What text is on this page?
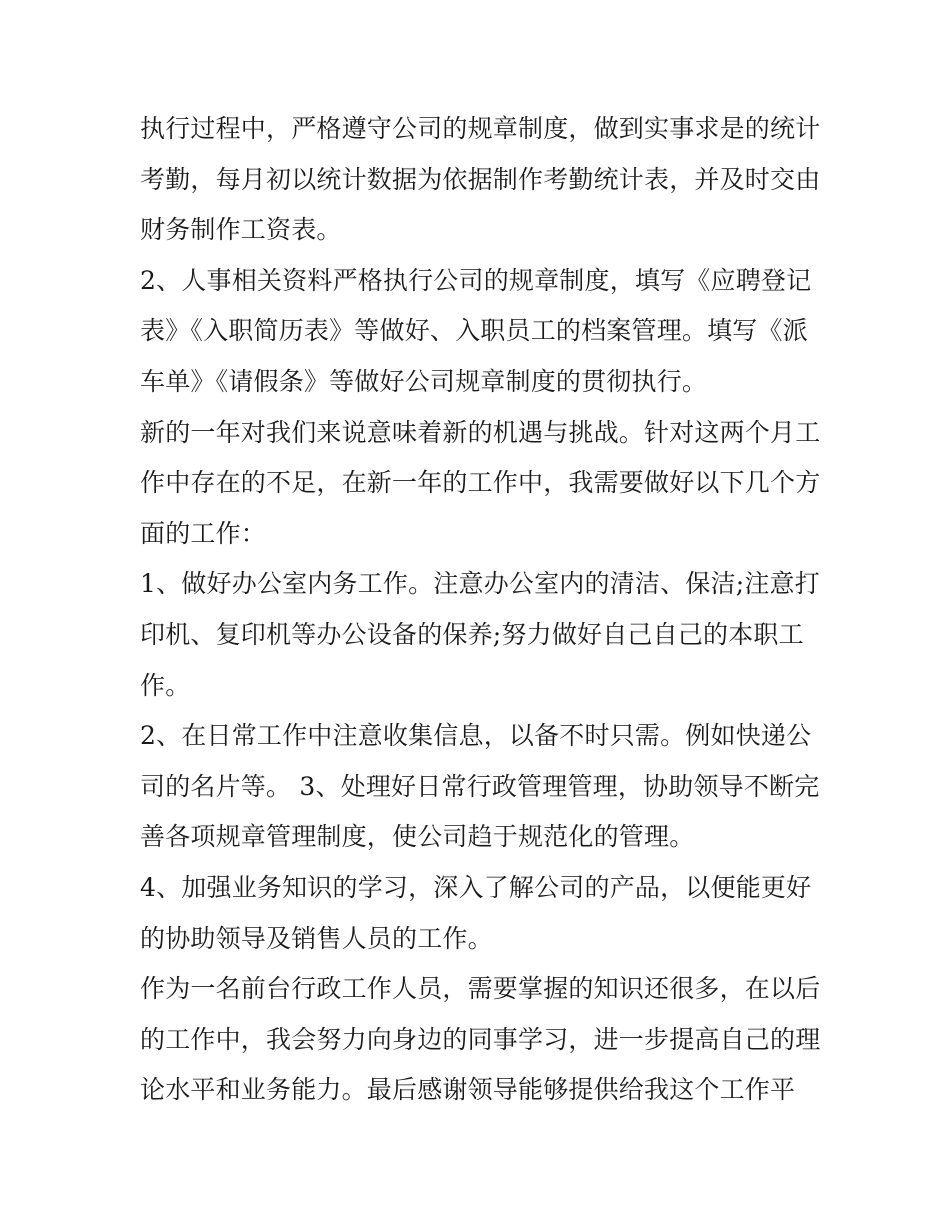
执行过程中，严格遵守公司的规章制度，做到实事求是的统计
考勤，每月初以统计数据为依据制作考勤统计表，并及时交由
财务制作工资表。
2、人事相关资料严格执行公司的规章制度，填写《应聘登记
表》《入职简历表》等做好、入职员工的档案管理。填写《派
车单》《请假条》等做好公司规章制度的贯彻执行。
新的一年对我们来说意味着新的机遇与挑战。针对这两个月工
作中存在的不足，在新一年的工作中，我需要做好以下几个方
面的工作：
1、做好办公室内务工作。注意办公室内的清洁、保洁;注意打
印机、复印机等办公设备的保养;努力做好自己自己的本职工
作。
2、在日常工作中注意收集信息，以备不时只需。例如快递公
司的名片等。 3、处理好日常行政管理管理，协助领导不断完
善各项规章管理制度，使公司趋于规范化的管理。
4、加强业务知识的学习，深入了解公司的产品，以便能更好
的协助领导及销售人员的工作。
作为一名前台行政工作人员，需要掌握的知识还很多，在以后
的工作中，我会努力向身边的同事学习，进一步提高自己的理
论水平和业务能力。最后感谢领导能够提供给我这个工作平
